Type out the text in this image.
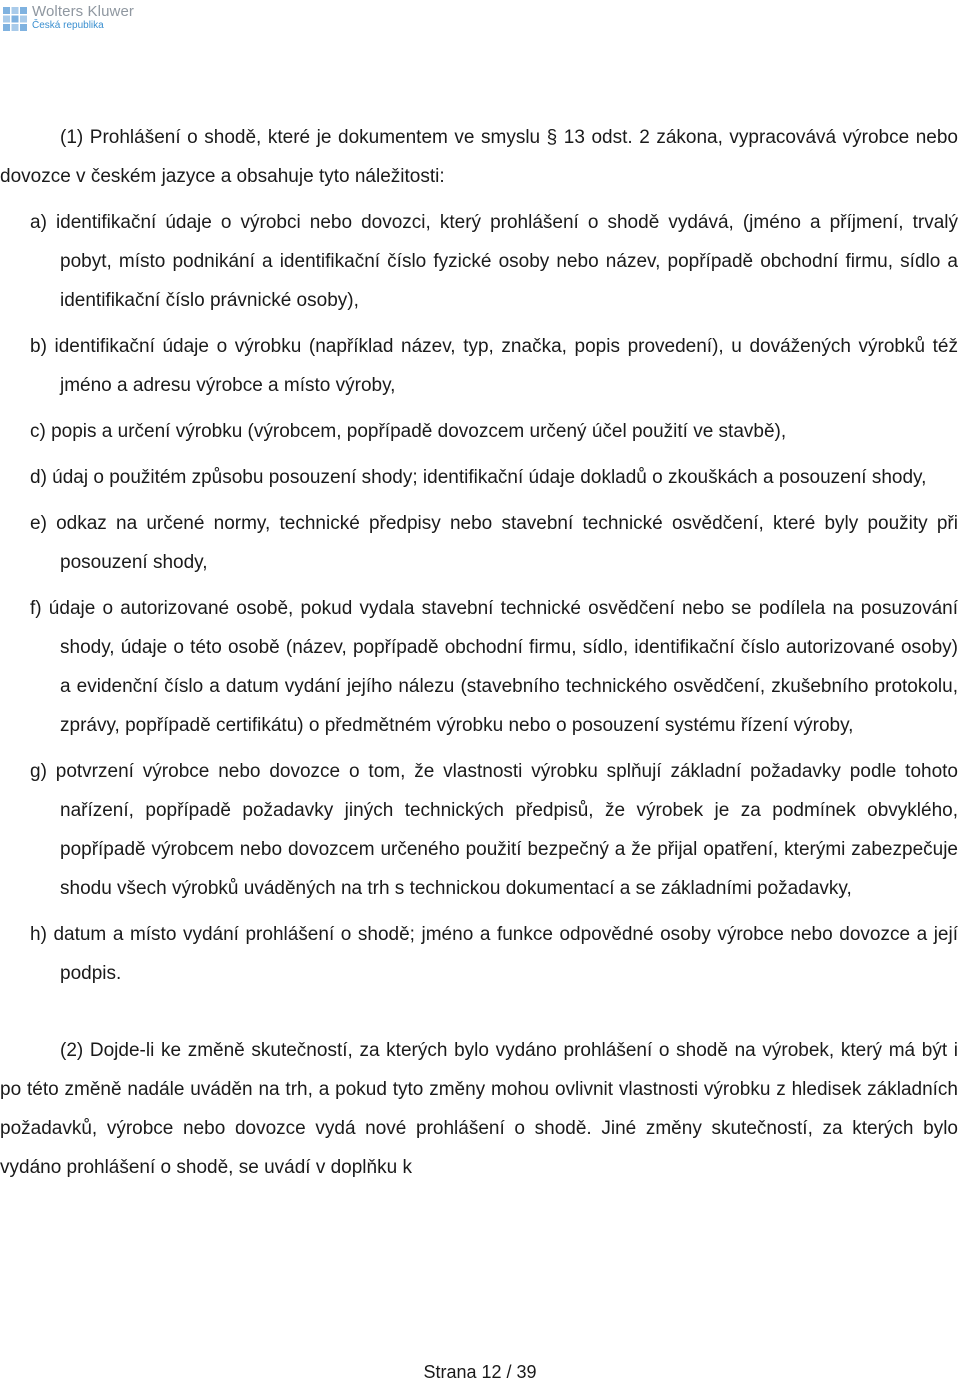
Wolters Kluwer
Česká republika

(1) Prohlášení o shodě, které je dokumentem ve smyslu § 13 odst. 2 zákona, vypracovává výrobce nebo dovozce v českém jazyce a obsahuje tyto náležitosti:

a) identifikační údaje o výrobci nebo dovozci, který prohlášení o shodě vydává, (jméno a příjmení, trvalý pobyt, místo podnikání a identifikační číslo fyzické osoby nebo název, popřípadě obchodní firmu, sídlo a identifikační číslo právnické osoby),

b) identifikační údaje o výrobku (například název, typ, značka, popis provedení), u dovážených výrobků též jméno a adresu výrobce a místo výroby,

c) popis a určení výrobku (výrobcem, popřípadě dovozcem určený účel použití ve stavbě),

d) údaj o použitém způsobu posouzení shody; identifikační údaje dokladů o zkouškách a posouzení shody,

e) odkaz na určené normy, technické předpisy nebo stavební technické osvědčení, které byly použity při posouzení shody,

f) údaje o autorizované osobě, pokud vydala stavební technické osvědčení nebo se podílela na posuzování shody, údaje o této osobě (název, popřípadě obchodní firmu, sídlo, identifikační číslo autorizované osoby) a evidenční číslo a datum vydání jejího nálezu (stavebního technického osvědčení, zkušebního protokolu, zprávy, popřípadě certifikátu) o předmětném výrobku nebo o posouzení systému řízení výroby,

g) potvrzení výrobce nebo dovozce o tom, že vlastnosti výrobku splňují základní požadavky podle tohoto nařízení, popřípadě požadavky jiných technických předpisů, že výrobek je za podmínek obvyklého, popřípadě výrobcem nebo dovozcem určeného použití bezpečný a že přijal opatření, kterými zabezpečuje shodu všech výrobků uváděných na trh s technickou dokumentací a se základními požadavky,

h) datum a místo vydání prohlášení o shodě; jméno a funkce odpovědné osoby výrobce nebo dovozce a její podpis.

(2) Dojde-li ke změně skutečností, za kterých bylo vydáno prohlášení o shodě na výrobek, který má být i po této změně nadále uváděn na trh, a pokud tyto změny mohou ovlivnit vlastnosti výrobku z hledisek základních požadavků, výrobce nebo dovozce vydá nové prohlášení o shodě. Jiné změny skutečností, za kterých bylo vydáno prohlášení o shodě, se uvádí v doplňku k

Strana 12 / 39
